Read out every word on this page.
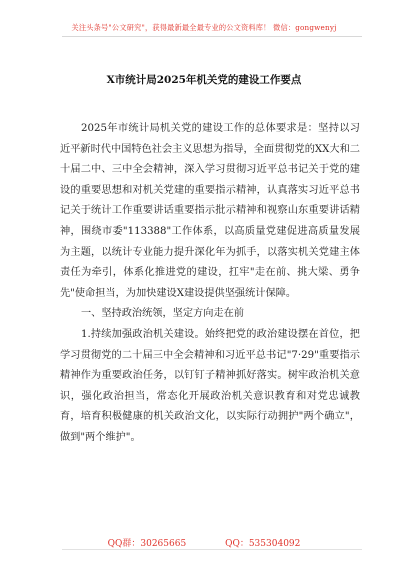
关注头条号"公文研究"，获得最新最全最专业的公文资料库！ 微信：gongwenyj
X市统计局2025年机关党的建设工作要点

2025年市统计局机关党的建设工作的总体要求是：坚持以习近平新时代中国特色社会主义思想为指导，全面贯彻党的XX大和二十届二中、三中全会精神，深入学习贯彻习近平总书记关于党的建设的重要思想和对机关党建的重要指示精神，认真落实习近平总书记关于统计工作重要讲话重要指示批示精神和视察山东重要讲话精神，围绕市委"113388"工作体系，以高质量党建促进高质量发展为主题，以统计专业能力提升深化年为抓手，以落实机关党建主体责任为牵引，体系化推进党的建设，扛牢"走在前、挑大梁、勇争先"使命担当，为加快建设X建设提供坚强统计保障。

一、坚持政治统领，坚定方向走在前

1.持续加强政治机关建设。始终把党的政治建设摆在首位，把学习贯彻党的二十届三中全会精神和习近平总书记"7·29"重要指示精神作为重要政治任务，以钉钉子精神抓好落实。树牢政治机关意识，强化政治担当，常态化开展政治机关意识教育和对党忠诚教育，培育积极健康的机关政治文化，以实际行动拥护"两个确立"，做到"两个维护"。

QQ群：30265665	QQ：535304092
